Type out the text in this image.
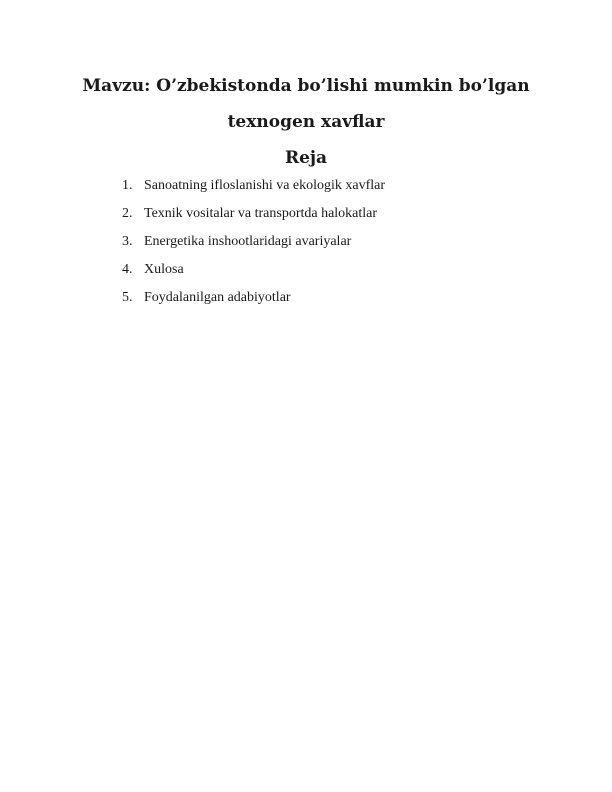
Mavzu: O’zbekistonda bo’lishi mumkin bo’lgan
texnogen xavflar
Reja
1. Sanoatning ifloslanishi va ekologik xavflar
2. Texnik vositalar va transportda halokatlar
3. Energetika inshootlaridagi avariyalar
4. Xulosa
5. Foydalanilgan adabiyotlar
